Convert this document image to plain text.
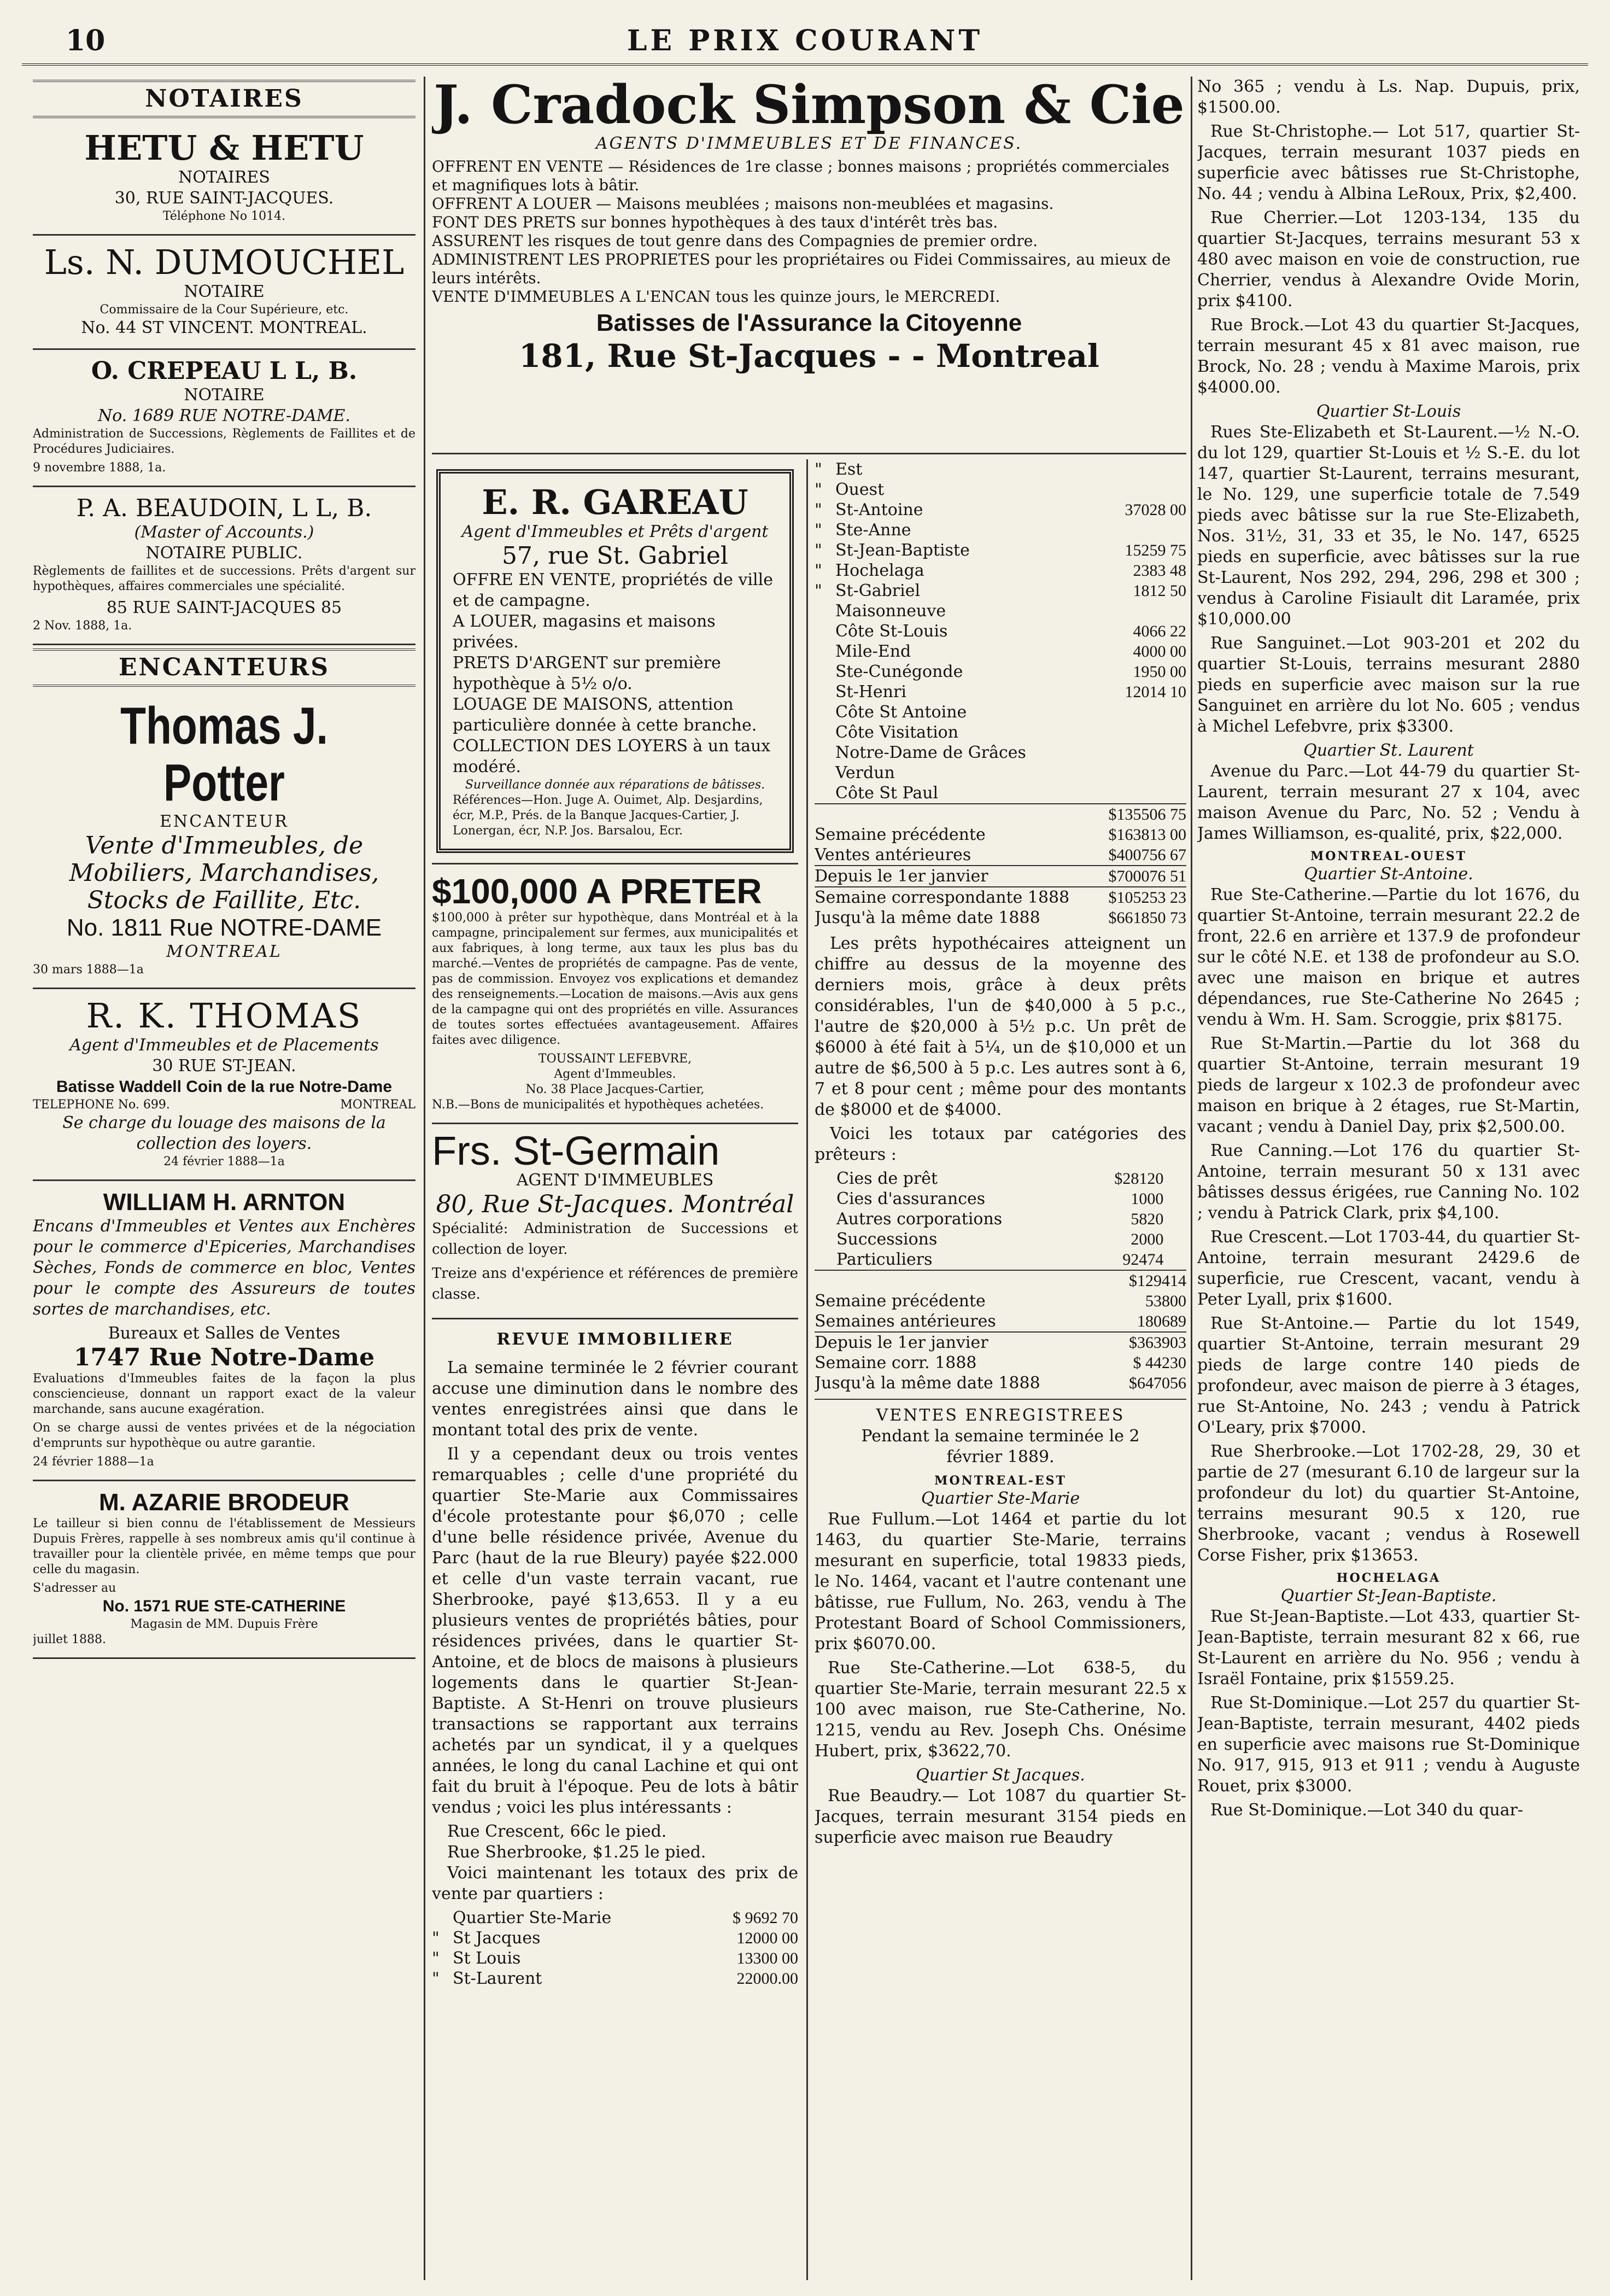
10	LE PRIX COURANT
NOTAIRES
HETU & HETU
NOTAIRES
30, RUE SAINT-JACQUES.
Téléphone No 1014.
Ls. N. DUMOUCHEL
NOTAIRE
Commissaire de la Cour Supérieure, etc.
No. 44 ST VINCENT. MONTREAL.
O. CREPEAU L L, B.
NOTAIRE
No. 1689 RUE NOTRE-DAME.

Administration de Successions, Règlements de Faillites et de Procédures Judiciaires.

9 novembre 1888, 1a.
P. A. BEAUDOIN, L L, B.
(Master of Accounts.)
NOTAIRE PUBLIC.

Règlements de faillites et de successions. Prêts d'argent sur hypothèques, affaires commerciales une spécialité.

85 RUE SAINT-JACQUES 85
2 Nov. 1888, 1a.
ENCANTEURS
Thomas J. Potter
ENCANTEUR
Vente d'Immeubles, de Mobiliers, Marchandises, Stocks de Faillite, Etc.
No. 1811 Rue NOTRE-DAME
MONTREAL
30 mars 1888—1a
R. K. THOMAS
Agent d'Immeubles et de Placements
30 RUE ST-JEAN.
Batisse Waddell Coin de la rue Notre-Dame
TELEPHONE No. 699.	MONTREAL
Se charge du louage des maisons de la collection des loyers.
24 février 1888—1a
WILLIAM H. ARNTON

Encans d'Immeubles et Ventes aux Enchères pour le commerce d'Epiceries, Marchandises Sèches, Fonds de commerce en bloc, Ventes pour le compte des Assureurs de toutes sortes de marchandises, etc.

Bureaux et Salles de Ventes
1747 Rue Notre-Dame

Evaluations d'Immeubles faites de la façon la plus consciencieuse, donnant un rapport exact de la valeur marchande, sans aucune exagération.

On se charge aussi de ventes privées et de la négociation d'emprunts sur hypothèque ou autre garantie.

24 février 1888—1a
M. AZARIE BRODEUR

Le tailleur si bien connu de l'établissement de Messieurs Dupuis Frères, rappelle à ses nombreux amis qu'il continue à travailler pour la clientèle privée, en même temps que pour celle du magasin.

S'adresser au
No. 1571 RUE STE-CATHERINE
Magasin de MM. Dupuis Frère
juillet 1888.
J. Cradock Simpson & Cie
AGENTS D'IMMEUBLES ET DE FINANCES.
OFFRENT EN VENTE — Résidences de 1re classe ; bonnes maisons ; propriétés commerciales et magnifiques lots à bâtir.
OFFRENT A LOUER — Maisons meublées ; maisons non-meublées et magasins.
FONT DES PRETS sur bonnes hypothèques à des taux d'intérêt très bas.
ASSURENT les risques de tout genre dans des Compagnies de premier ordre.
ADMINISTRENT LES PROPRIETES pour les propriétaires ou Fidei Commissaires, au mieux de leurs intérêts.
VENTE D'IMMEUBLES A L'ENCAN tous les quinze jours, le MERCREDI.
Batisses de l'Assurance la Citoyenne
181, Rue St-Jacques - - Montreal
E. R. GAREAU
Agent d'Immeubles et Prêts d'argent
57, rue St. Gabriel
OFFRE EN VENTE, propriétés de ville et de campagne.
A LOUER, magasins et maisons privées.
PRETS D'ARGENT sur première hypothèque à 5½ o/o.
LOUAGE DE MAISONS, attention particulière donnée à cette branche.
COLLECTION DES LOYERS à un taux modéré.
Surveillance donnée aux réparations de bâtisses.
Références—Hon. Juge A. Ouimet, Alp. Desjardins, écr, M.P., Prés. de la Banque Jacques-Cartier, J. Lonergan, écr, N.P. Jos. Barsalou, Ecr.
$100,000 A PRETER

$100,000 à prêter sur hypothèque, dans Montréal et à la campagne, principalement sur fermes, aux municipalités et aux fabriques, à long terme, aux taux les plus bas du marché.—Ventes de propriétés de campagne. Pas de vente, pas de commission. Envoyez vos explications et demandez des renseignements.—Location de maisons.—Avis aux gens de la campagne qui ont des propriétés en ville. Assurances de toutes sortes effectuées avantageusement. Affaires faites avec diligence.

TOUSSAINT LEFEBVRE,
Agent d'Immeubles.
No. 38 Place Jacques-Cartier,
N.B.—Bons de municipalités et hypothèques achetées.
Frs. St-Germain
AGENT D'IMMEUBLES
80, Rue St-Jacques. Montréal

Spécialité: Administration de Successions et collection de loyer.

Treize ans d'expérience et références de première classe.

REVUE IMMOBILIERE

La semaine terminée le 2 février courant accuse une diminution dans le nombre des ventes enregistrées ainsi que dans le montant total des prix de vente.

Il y a cependant deux ou trois ventes remarquables ; celle d'une propriété du quartier Ste-Marie aux Commissaires d'école protestante pour $6,070 ; celle d'une belle résidence privée, Avenue du Parc (haut de la rue Bleury) payée $22.000 et celle d'un vaste terrain vacant, rue Sherbrooke, payé $13,653. Il y a eu plusieurs ventes de propriétés bâties, pour résidences privées, dans le quartier St-Antoine, et de blocs de maisons à plusieurs logements dans le quartier St-Jean-Baptiste. A St-Henri on trouve plusieurs transactions se rapportant aux terrains achetés par un syndicat, il y a quelques années, le long du canal Lachine et qui ont fait du bruit à l'époque. Peu de lots à bâtir vendus ; voici les plus intéressants :

Rue Crescent, 66c le pied.

Rue Sherbrooke, $1.25 le pied.

Voici maintenant les totaux des prix de vente par quartiers :

	Quartier Ste-Marie	$ 9692 70
"	St Jacques	12000 00
"	St Louis	13300 00
"	St-Laurent	22000.00
"	Est	
"	Ouest	
"	St-Antoine	37028 00
"	Ste-Anne	
"	St-Jean-Baptiste	15259 75
"	Hochelaga	2383 48
"	St-Gabriel	1812 50
	Maisonneuve	
	Côte St-Louis	4066 22
	Mile-End	4000 00
	Ste-Cunégonde	1950 00
	St-Henri	12014 10
	Côte St Antoine	
	Côte Visitation	
	Notre-Dame de Grâces	
	Verdun	
	Côte St Paul	
		$135506 75
Semaine précédente		$163813 00
Ventes antérieures		$400756 67
Depuis le 1er janvier		$700076 51
Semaine correspondante 1888		$105253 23
Jusqu'à la même date 1888		$661850 73

Les prêts hypothécaires atteignent un chiffre au dessus de la moyenne des derniers mois, grâce à deux prêts considérables, l'un de $40,000 à 5 p.c., l'autre de $20,000 à 5½ p.c. Un prêt de $6000 à été fait à 5¼, un de $10,000 et un autre de $6,500 à 5 p.c. Les autres sont à 6, 7 et 8 pour cent ; même pour des montants de $8000 et de $4000.

Voici les totaux par catégories des prêteurs :

Cies de prêt	$28120
Cies d'assurances	1000
Autres corporations	5820
Successions	2000
Particuliers	92474
	$129414
Semaine précédente	53800
Semaines antérieures	180689
Depuis le 1er janvier	$363903
Semaine corr. 1888	$ 44230
Jusqu'à la même date 1888	$647056
VENTES ENREGISTREES
Pendant la semaine terminée le 2 février 1889.
MONTREAL-EST
Quartier Ste-Marie

Rue Fullum.—Lot 1464 et partie du lot 1463, du quartier Ste-Marie, terrains mesurant en superficie, total 19833 pieds, le No. 1464, vacant et l'autre contenant une bâtisse, rue Fullum, No. 263, vendu à The Protestant Board of School Commissioners, prix $6070.00.

Rue Ste-Catherine.—Lot 638-5, du quartier Ste-Marie, terrain mesurant 22.5 x 100 avec maison, rue Ste-Catherine, No. 1215, vendu au Rev. Joseph Chs. Onésime Hubert, prix, $3622,70.

Quartier St Jacques.

Rue Beaudry.— Lot 1087 du quartier St-Jacques, terrain mesurant 3154 pieds en superficie avec maison rue Beaudry

No 365 ; vendu à Ls. Nap. Dupuis, prix, $1500.00.

Rue St-Christophe.— Lot 517, quartier St-Jacques, terrain mesurant 1037 pieds en superficie avec bâtisses rue St-Christophe, No. 44 ; vendu à Albina LeRoux, Prix, $2,400.

Rue Cherrier.—Lot 1203-134, 135 du quartier St-Jacques, terrains mesurant 53 x 480 avec maison en voie de construction, rue Cherrier, vendus à Alexandre Ovide Morin, prix $4100.

Rue Brock.—Lot 43 du quartier St-Jacques, terrain mesurant 45 x 81 avec maison, rue Brock, No. 28 ; vendu à Maxime Marois, prix $4000.00.

Quartier St-Louis

Rues Ste-Elizabeth et St-Laurent.—½ N.-O. du lot 129, quartier St-Louis et ½ S.-E. du lot 147, quartier St-Laurent, terrains mesurant, le No. 129, une superficie totale de 7.549 pieds avec bâtisse sur la rue Ste-Elizabeth, Nos. 31½, 31, 33 et 35, le No. 147, 6525 pieds en superficie, avec bâtisses sur la rue St-Laurent, Nos 292, 294, 296, 298 et 300 ; vendus à Caroline Fisiault dit Laramée, prix $10,000.00

Rue Sanguinet.—Lot 903-201 et 202 du quartier St-Louis, terrains mesurant 2880 pieds en superficie avec maison sur la rue Sanguinet en arrière du lot No. 605 ; vendus à Michel Lefebvre, prix $3300.

Quartier St. Laurent

Avenue du Parc.—Lot 44-79 du quartier St-Laurent, terrain mesurant 27 x 104, avec maison Avenue du Parc, No. 52 ; Vendu à James Williamson, es-qualité, prix, $22,000.

MONTREAL-OUEST
Quartier St-Antoine.

Rue Ste-Catherine.—Partie du lot 1676, du quartier St-Antoine, terrain mesurant 22.2 de front, 22.6 en arrière et 137.9 de profondeur sur le côté N.E. et 138 de profondeur au S.O. avec une maison en brique et autres dépendances, rue Ste-Catherine No 2645 ; vendu à Wm. H. Sam. Scroggie, prix $8175.

Rue St-Martin.—Partie du lot 368 du quartier St-Antoine, terrain mesurant 19 pieds de largeur x 102.3 de profondeur avec maison en brique à 2 étages, rue St-Martin, vacant ; vendu à Daniel Day, prix $2,500.00.

Rue Canning.—Lot 176 du quartier St-Antoine, terrain mesurant 50 x 131 avec bâtisses dessus érigées, rue Canning No. 102 ; vendu à Patrick Clark, prix $4,100.

Rue Crescent.—Lot 1703-44, du quartier St-Antoine, terrain mesurant 2429.6 de superficie, rue Crescent, vacant, vendu à Peter Lyall, prix $1600.

Rue St-Antoine.— Partie du lot 1549, quartier St-Antoine, terrain mesurant 29 pieds de large contre 140 pieds de profondeur, avec maison de pierre à 3 étages, rue St-Antoine, No. 243 ; vendu à Patrick O'Leary, prix $7000.

Rue Sherbrooke.—Lot 1702-28, 29, 30 et partie de 27 (mesurant 6.10 de largeur sur la profondeur du lot) du quartier St-Antoine, terrains mesurant 90.5 x 120, rue Sherbrooke, vacant ; vendus à Rosewell Corse Fisher, prix $13653.

HOCHELAGA
Quartier St-Jean-Baptiste.

Rue St-Jean-Baptiste.—Lot 433, quartier St-Jean-Baptiste, terrain mesurant 82 x 66, rue St-Laurent en arrière du No. 956 ; vendu à Israël Fontaine, prix $1559.25.

Rue St-Dominique.—Lot 257 du quartier St-Jean-Baptiste, terrain mesurant, 4402 pieds en superficie avec maisons rue St-Dominique No. 917, 915, 913 et 911 ; vendu à Auguste Rouet, prix $3000.

Rue St-Dominique.—Lot 340 du quar-
